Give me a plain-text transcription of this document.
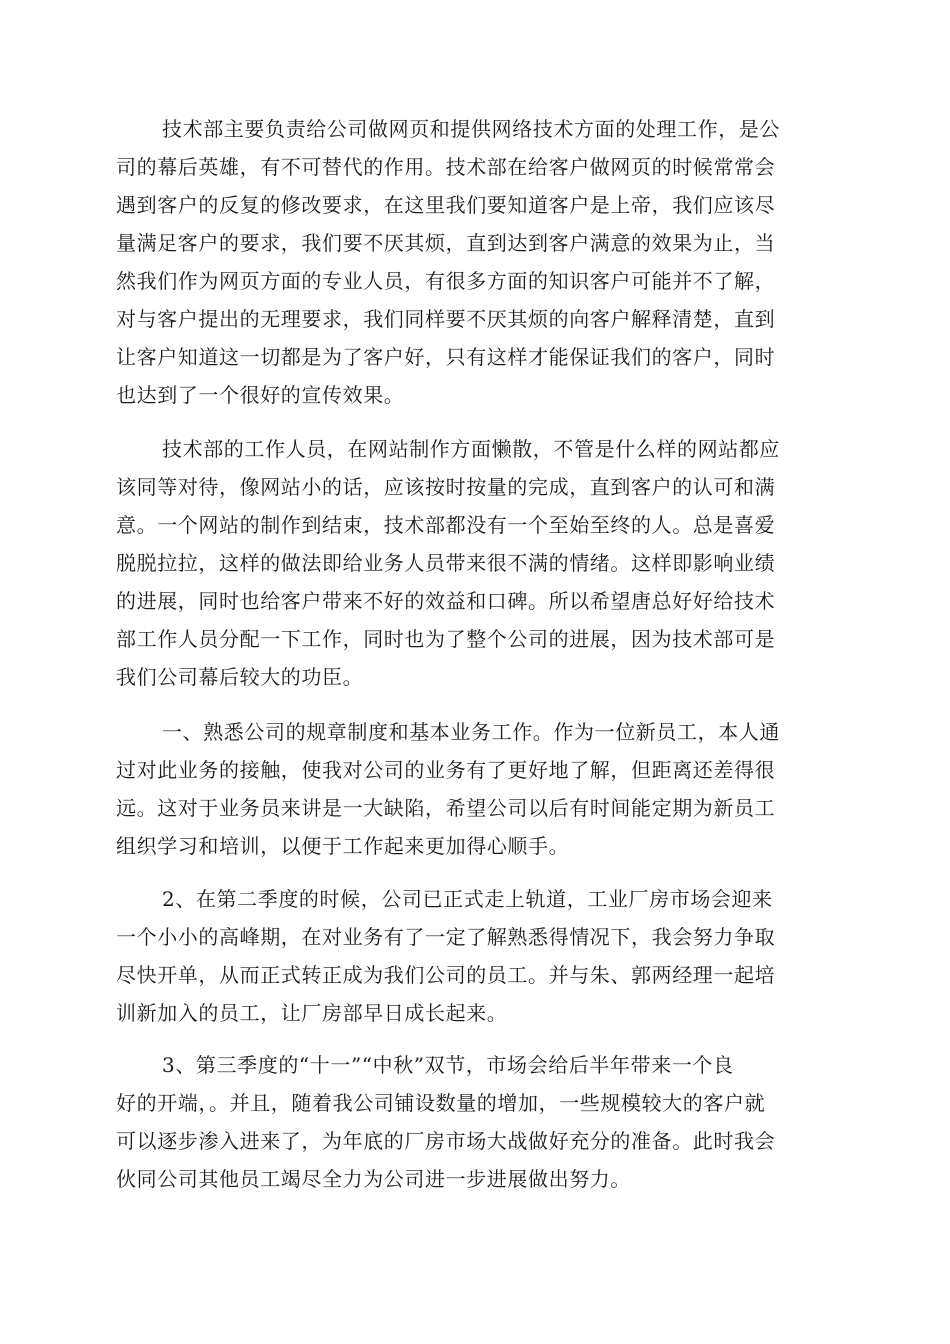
技术部主要负责给公司做网页和提供网络技术方面的处理工作，是公
司的幕后英雄，有不可替代的作用。技术部在给客户做网页的时候常常会
遇到客户的反复的修改要求，在这里我们要知道客户是上帝，我们应该尽
量满足客户的要求，我们要不厌其烦，直到达到客户满意的效果为止，当
然我们作为网页方面的专业人员，有很多方面的知识客户可能并不了解，
对与客户提出的无理要求，我们同样要不厌其烦的向客户解释清楚，直到
让客户知道这一切都是为了客户好，只有这样才能保证我们的客户，同时
也达到了一个很好的宣传效果。
技术部的工作人员，在网站制作方面懒散，不管是什么样的网站都应
该同等对待，像网站小的话，应该按时按量的完成，直到客户的认可和满
意。一个网站的制作到结束，技术部都没有一个至始至终的人。总是喜爱
脱脱拉拉，这样的做法即给业务人员带来很不满的情绪。这样即影响业绩
的进展，同时也给客户带来不好的效益和口碑。所以希望唐总好好给技术
部工作人员分配一下工作，同时也为了整个公司的进展，因为技术部可是
我们公司幕后较大的功臣。
一、熟悉公司的规章制度和基本业务工作。作为一位新员工，本人通
过对此业务的接触，使我对公司的业务有了更好地了解，但距离还差得很
远。这对于业务员来讲是一大缺陷，希望公司以后有时间能定期为新员工
组织学习和培训，以便于工作起来更加得心顺手。
2、在第二季度的时候，公司已正式走上轨道，工业厂房市场会迎来
一个小小的高峰期，在对业务有了一定了解熟悉得情况下，我会努力争取
尽快开单，从而正式转正成为我们公司的员工。并与朱、郭两经理一起培
训新加入的员工，让厂房部早日成长起来。
3、第三季度的“十一”“中秋”双节，市场会给后半年带来一个良
好的开端，。并且，随着我公司铺设数量的增加，一些规模较大的客户就
可以逐步渗入进来了，为年底的厂房市场大战做好充分的准备。此时我会
伙同公司其他员工竭尽全力为公司进一步进展做出努力。
